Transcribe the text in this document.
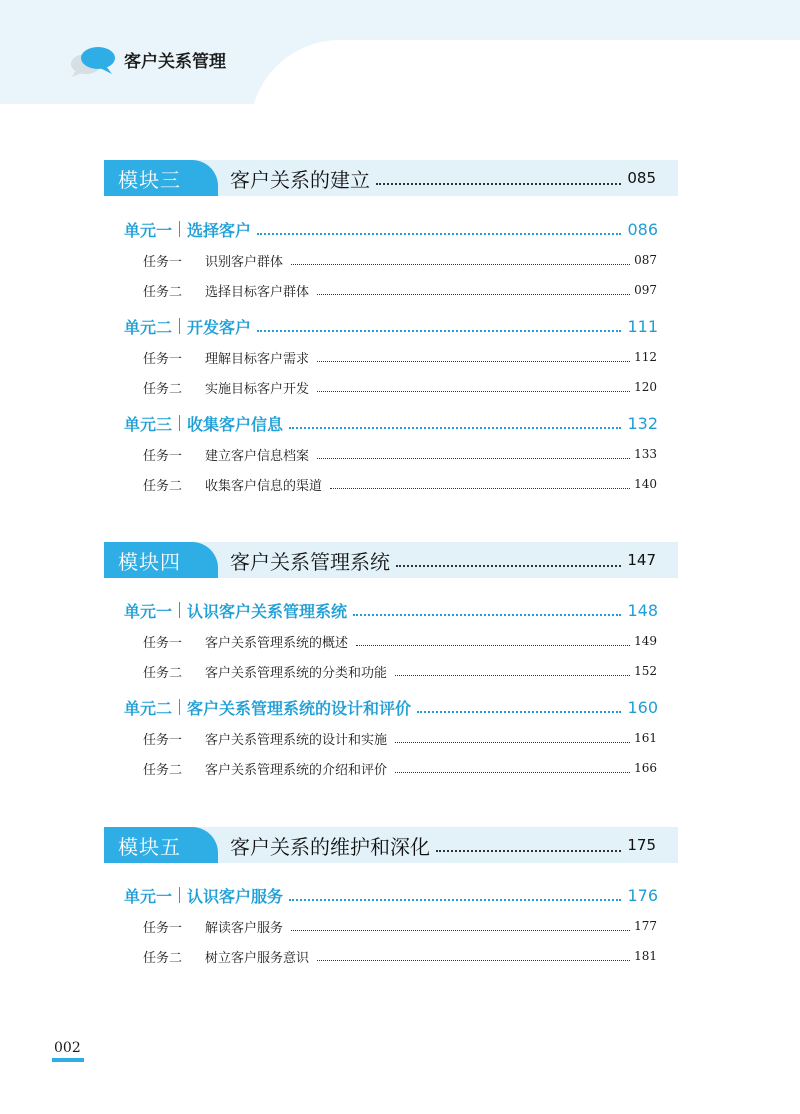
客户关系管理
模块三 客户关系的建立	085
单元一 选择客户	086
任务一	识别客户群体	087
任务二	选择目标客户群体	097
单元二 开发客户	111
任务一	理解目标客户需求	112
任务二	实施目标客户开发	120
单元三 收集客户信息	132
任务一	建立客户信息档案	133
任务二	收集客户信息的渠道	140
模块四 客户关系管理系统	147
单元一 认识客户关系管理系统	148
任务一	客户关系管理系统的概述	149
任务二	客户关系管理系统的分类和功能	152
单元二 客户关系管理系统的设计和评价	160
任务一	客户关系管理系统的设计和实施	161
任务二	客户关系管理系统的介绍和评价	166
模块五 客户关系的维护和深化	175
单元一 认识客户服务	176
任务一	解读客户服务	177
任务二	树立客户服务意识	181
002
